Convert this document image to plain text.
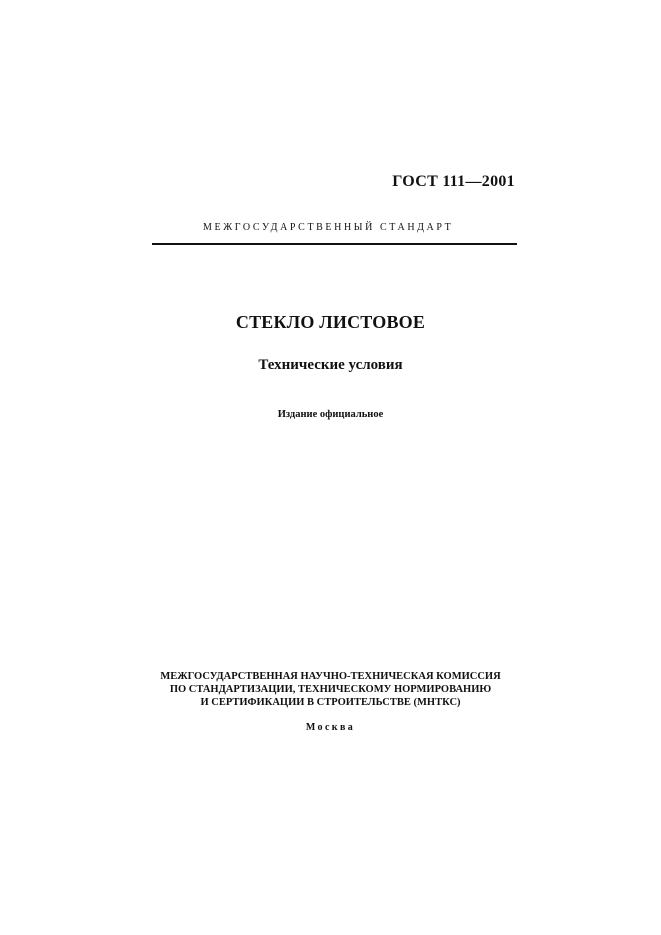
ГОСТ 111—2001
МЕЖГОСУДАРСТВЕННЫЙ СТАНДАРТ
СТЕКЛО ЛИСТОВОЕ
Технические условия
Издание официальное
МЕЖГОСУДАРСТВЕННАЯ НАУЧНО-ТЕХНИЧЕСКАЯ КОМИССИЯ
ПО СТАНДАРТИЗАЦИИ, ТЕХНИЧЕСКОМУ НОРМИРОВАНИЮ
И СЕРТИФИКАЦИИ В СТРОИТЕЛЬСТВЕ (МНТКС)
Москва
